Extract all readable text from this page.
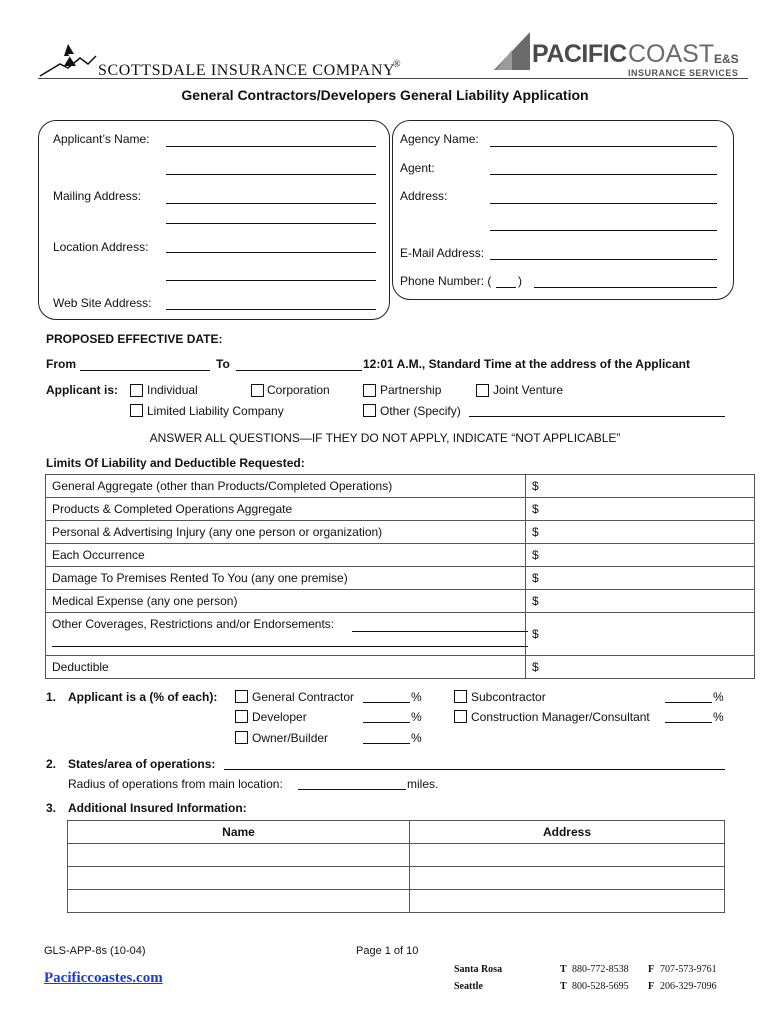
SCOTTSDALE INSURANCE COMPANY
®	PACIFIC COAST E&S
INSURANCE SERVICES
General Contractors/Developers General Liability Application
Applicant’s Name:
Mailing Address:
Location Address:
Web Site Address:
Agency Name:
Agent:
Address:
E-Mail Address:
Phone Number: ( )
PROPOSED EFFECTIVE DATE:
From	To	12:01 A.M., Standard Time at the address of the Applicant
Applicant is: Individual	Corporation	Partnership	Joint Venture
Limited Liability Company	Other (Specify)
ANSWER ALL QUESTIONS—IF THEY DO NOT APPLY, INDICATE “NOT APPLICABLE”
Limits Of Liability and Deductible Requested:
General Aggregate (other than Products/Completed Operations)	$
Products & Completed Operations Aggregate	$
Personal & Advertising Injury (any one person or organization)	$
Each Occurrence	$
Damage To Premises Rented To You (any one premise)	$
Medical Expense (any one person)	$
Other Coverages, Restrictions and/or Endorsements:	$
Deductible	$
1. Applicant is a (% of each):	General Contractor	%
Developer	%
Owner/Builder	%
Subcontractor	%
Construction Manager/Consultant	%
2. States/area of operations:
Radius of operations from main location:	miles.
3. Additional Insured Information:
Name	Address

GLS-APP-8s (10-04)	Page 1 of 10
Pacificcoastes.com
Santa Rosa	T 880-772-8538 F 707-573-9761
Seattle	T 800-528-5695 F 206-329-7096
